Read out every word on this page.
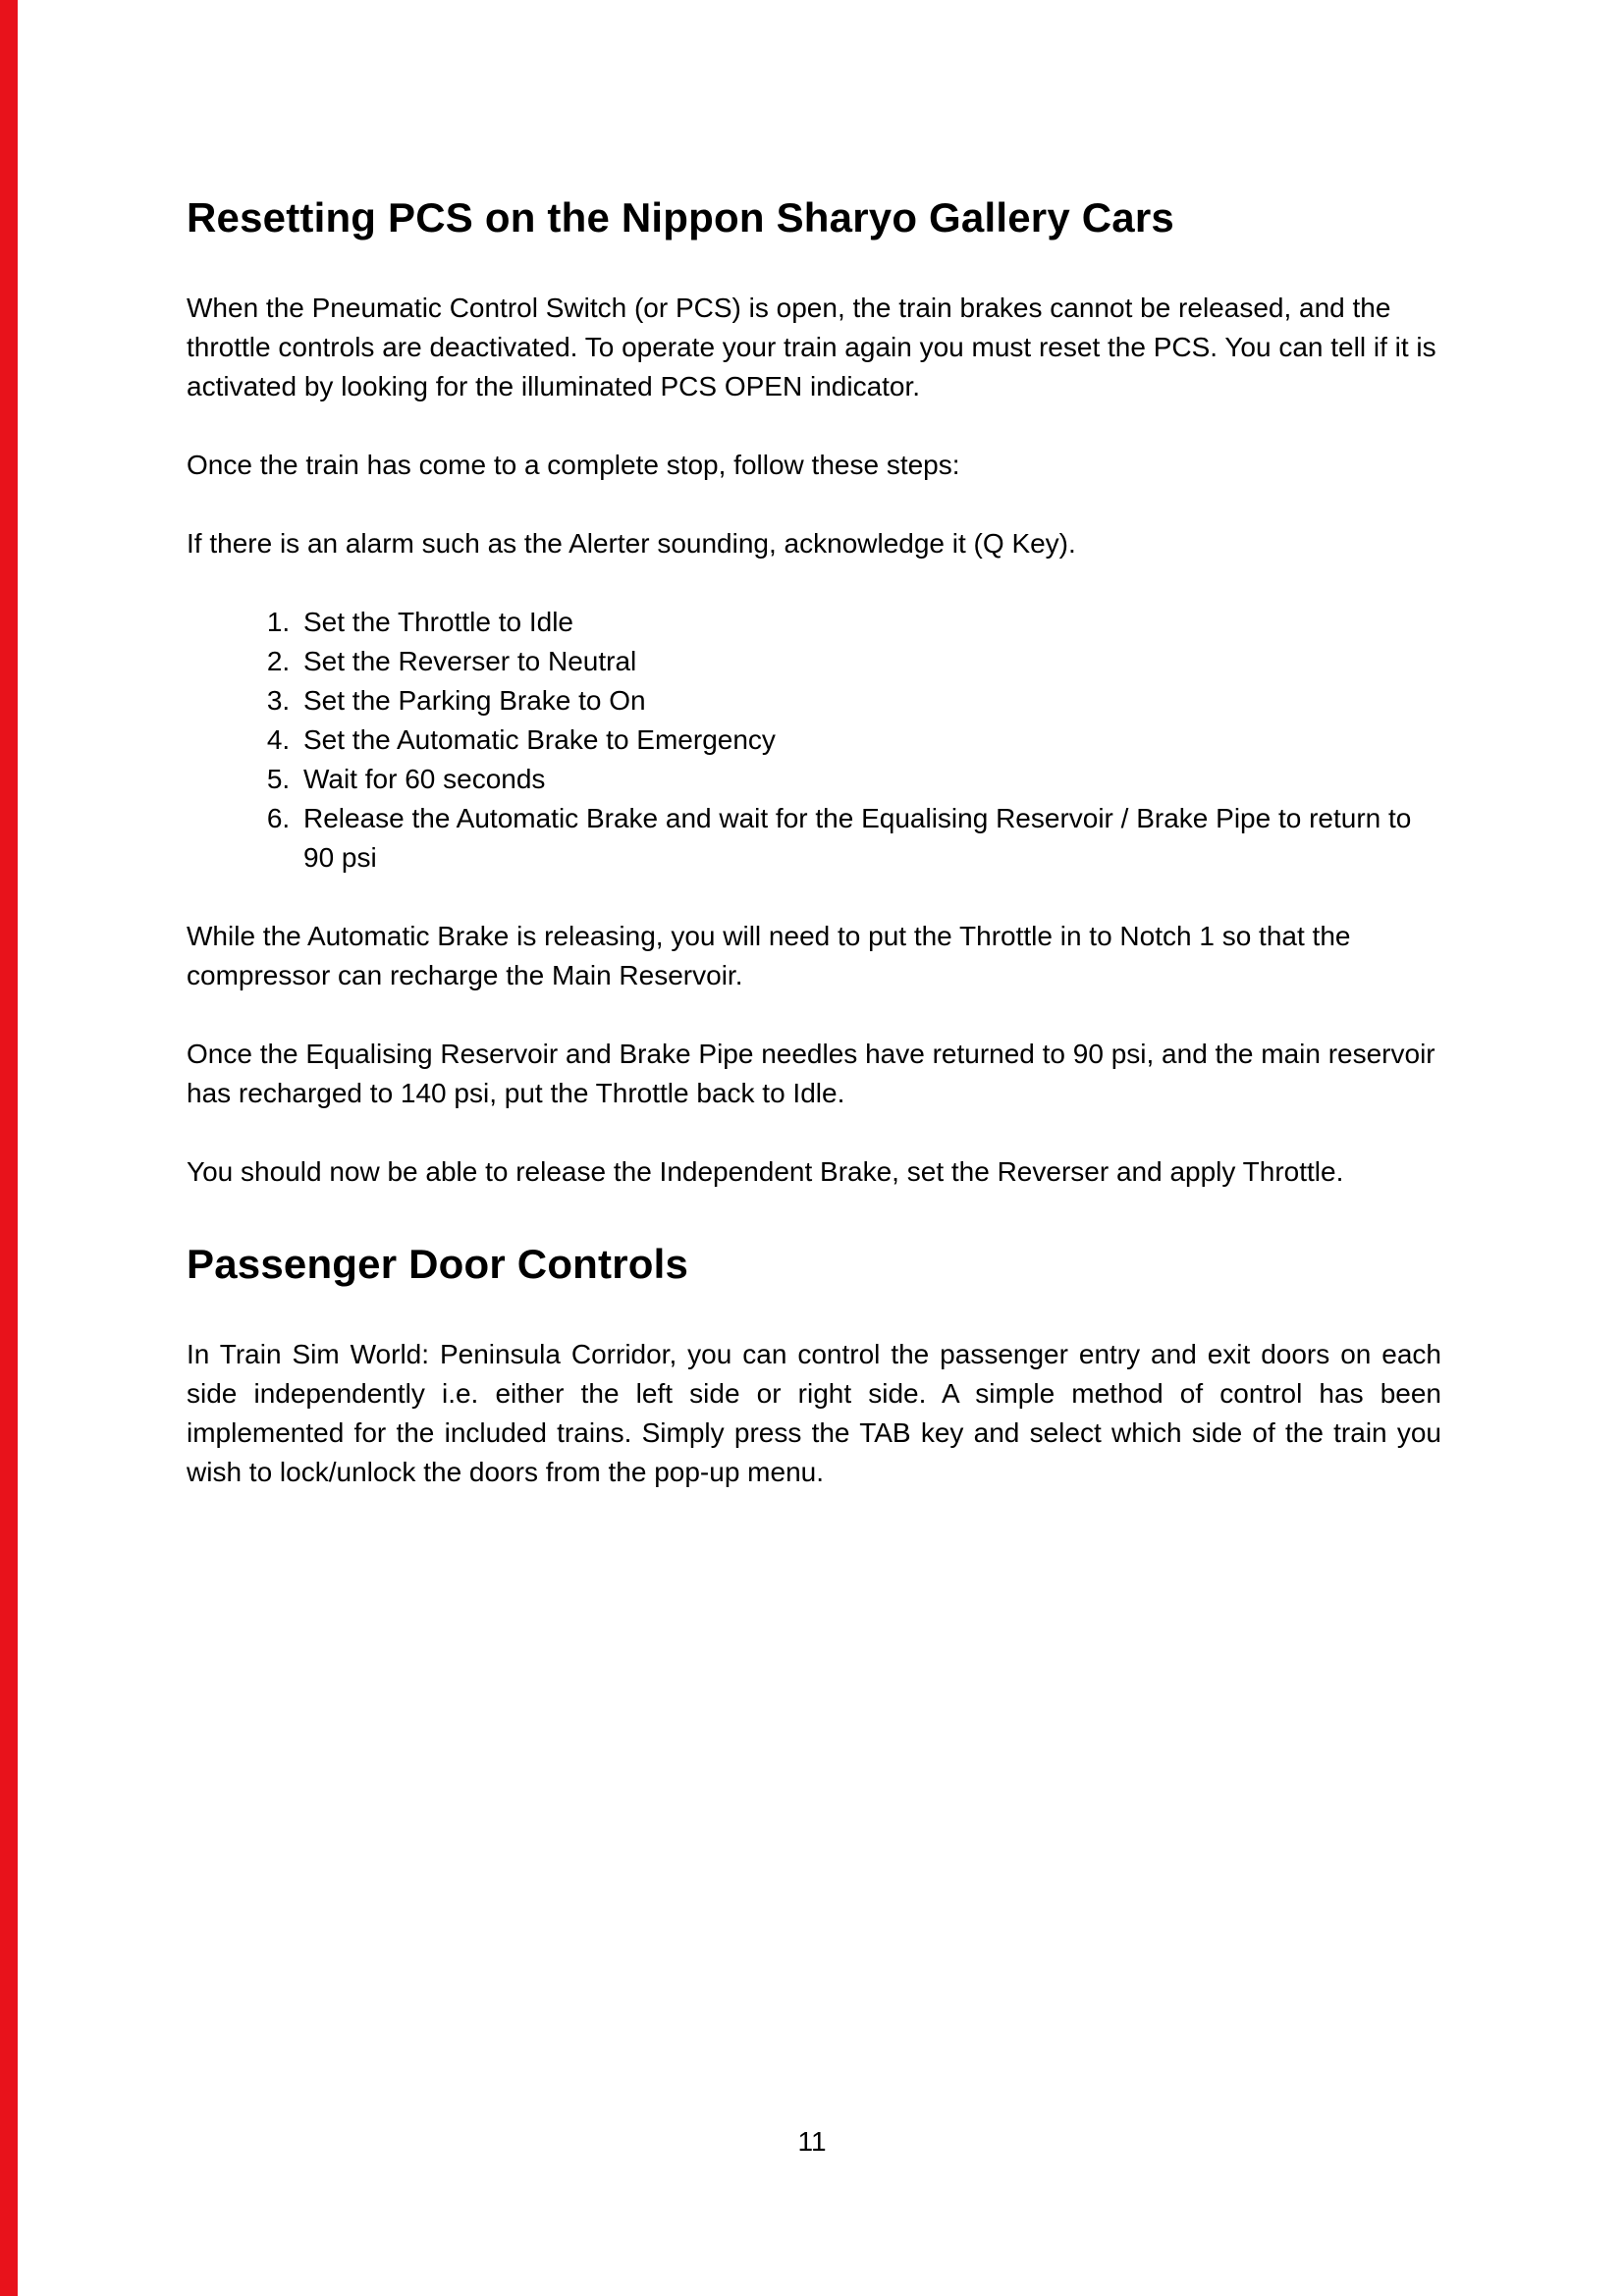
Resetting PCS on the Nippon Sharyo Gallery Cars

When the Pneumatic Control Switch (or PCS) is open, the train brakes cannot be released, and the throttle controls are deactivated. To operate your train again you must reset the PCS. You can tell if it is activated by looking for the illuminated PCS OPEN indicator.

Once the train has come to a complete stop, follow these steps:

If there is an alarm such as the Alerter sounding, acknowledge it (Q Key).

1. Set the Throttle to Idle
2. Set the Reverser to Neutral
3. Set the Parking Brake to On
4. Set the Automatic Brake to Emergency
5. Wait for 60 seconds
6. Release the Automatic Brake and wait for the Equalising Reservoir / Brake Pipe to return to 90 psi

While the Automatic Brake is releasing, you will need to put the Throttle in to Notch 1 so that the compressor can recharge the Main Reservoir.

Once the Equalising Reservoir and Brake Pipe needles have returned to 90 psi, and the main reservoir has recharged to 140 psi, put the Throttle back to Idle.

You should now be able to release the Independent Brake, set the Reverser and apply Throttle.

Passenger Door Controls

In Train Sim World: Peninsula Corridor, you can control the passenger entry and exit doors on each side independently i.e. either the left side or right side. A simple method of control has been implemented for the included trains. Simply press the TAB key and select which side of the train you wish to lock/unlock the doors from the pop-up menu.

11
